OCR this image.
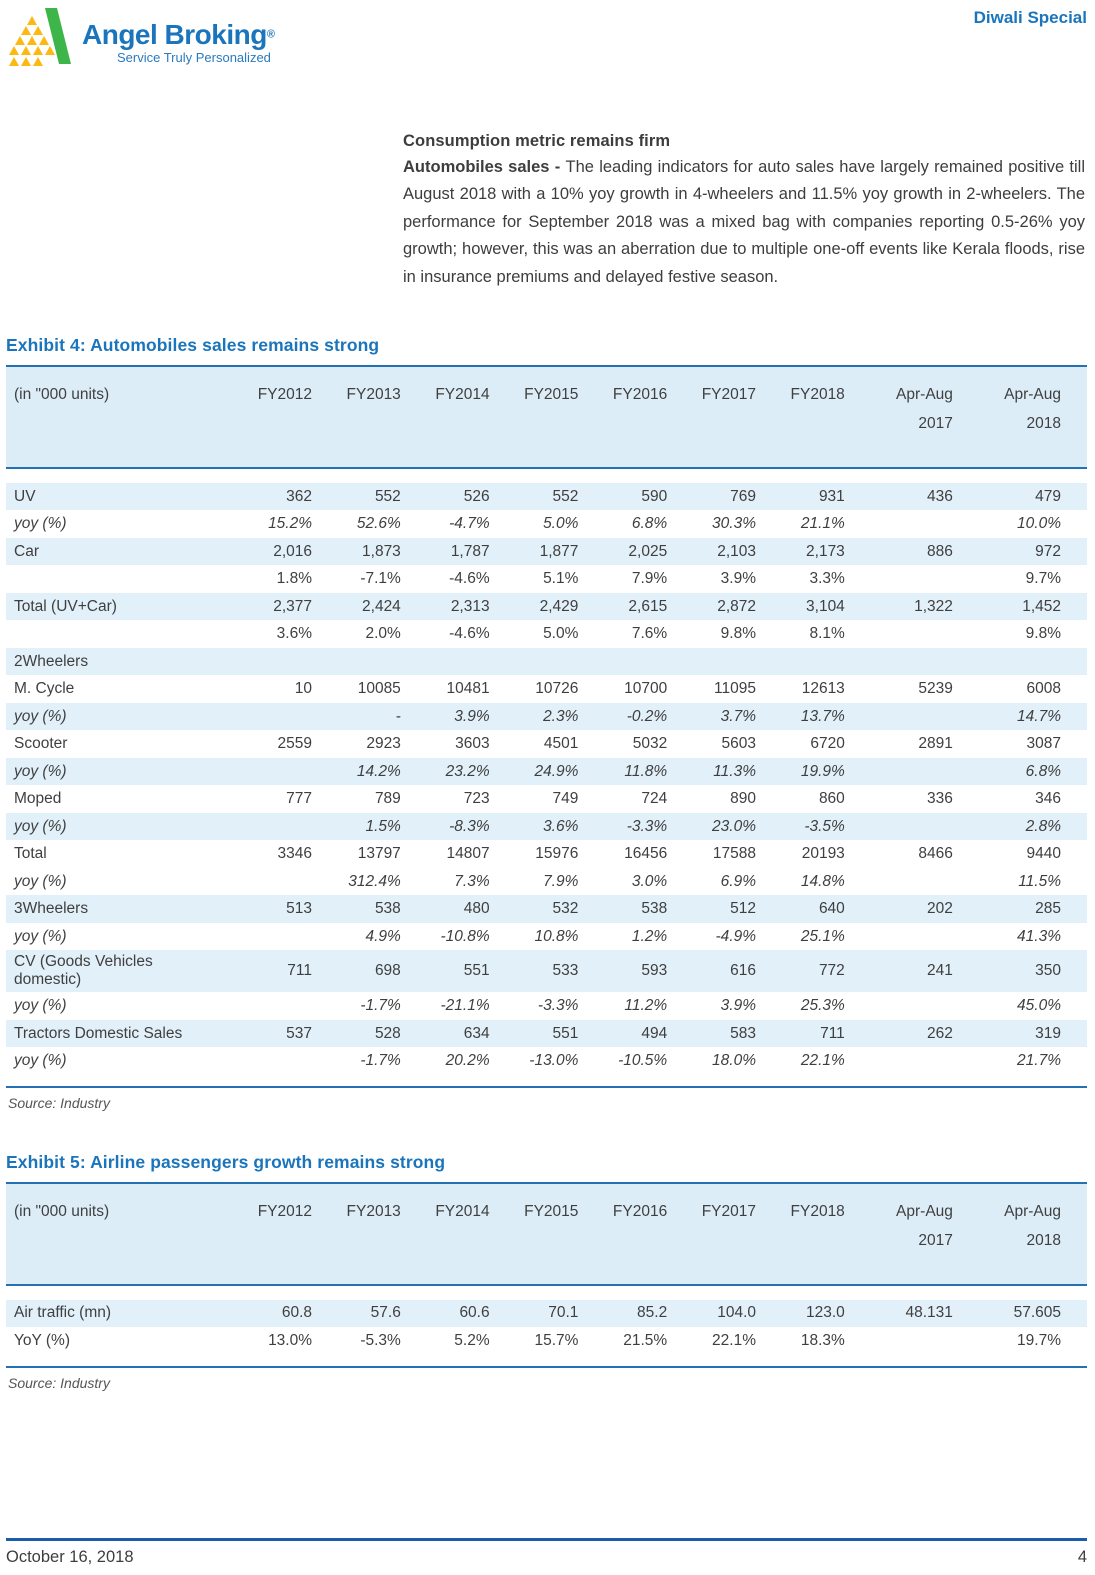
Angel Broking®
Service Truly Personalized
Diwali Special
Consumption metric remains firm

Automobiles sales - The leading indicators for auto sales have largely remained positive till August 2018 with a 10% yoy growth in 4-wheelers and 11.5% yoy growth in 2-wheelers. The performance for September 2018 was a mixed bag with companies reporting 0.5-26% yoy growth; however, this was an aberration due to multiple one-off events like Kerala floods, rise in insurance premiums and delayed festive season.

Exhibit 4: Automobiles sales remains strong
(in "000 units)	FY2012	FY2013	FY2014	FY2015	FY2016	FY2017	FY2018	Apr-Aug 2017	Apr-Aug 2018

UV	362	552	526	552	590	769	931	436	479
yoy (%)	15.2%	52.6%	-4.7%	5.0%	6.8%	30.3%	21.1%		10.0%
Car	2,016	1,873	1,787	1,877	2,025	2,103	2,173	886	972
	1.8%	-7.1%	-4.6%	5.1%	7.9%	3.9%	3.3%		9.7%
Total (UV+Car)	2,377	2,424	2,313	2,429	2,615	2,872	3,104	1,322	1,452
	3.6%	2.0%	-4.6%	5.0%	7.6%	9.8%	8.1%		9.8%
2Wheelers									
M. Cycle	10	10085	10481	10726	10700	11095	12613	5239	6008
yoy (%)		-	3.9%	2.3%	-0.2%	3.7%	13.7%		14.7%
Scooter	2559	2923	3603	4501	5032	5603	6720	2891	3087
yoy (%)		14.2%	23.2%	24.9%	11.8%	11.3%	19.9%		6.8%
Moped	777	789	723	749	724	890	860	336	346
yoy (%)		1.5%	-8.3%	3.6%	-3.3%	23.0%	-3.5%		2.8%
Total	3346	13797	14807	15976	16456	17588	20193	8466	9440
yoy (%)		312.4%	7.3%	7.9%	3.0%	6.9%	14.8%		11.5%
3Wheelers	513	538	480	532	538	512	640	202	285
yoy (%)		4.9%	-10.8%	10.8%	1.2%	-4.9%	25.1%		41.3%
CV (Goods Vehicles domestic)	711	698	551	533	593	616	772	241	350
yoy (%)		-1.7%	-21.1%	-3.3%	11.2%	3.9%	25.3%		45.0%
Tractors Domestic Sales	537	528	634	551	494	583	711	262	319
yoy (%)		-1.7%	20.2%	-13.0%	-10.5%	18.0%	22.1%		21.7%

Source: Industry
Exhibit 5: Airline passengers growth remains strong
(in "000 units)	FY2012	FY2013	FY2014	FY2015	FY2016	FY2017	FY2018	Apr-Aug 2017	Apr-Aug 2018

Air traffic (mn)	60.8	57.6	60.6	70.1	85.2	104.0	123.0	48.131	57.605
YoY (%)	13.0%	-5.3%	5.2%	15.7%	21.5%	22.1%	18.3%		19.7%

Source: Industry
October 16, 2018	4
